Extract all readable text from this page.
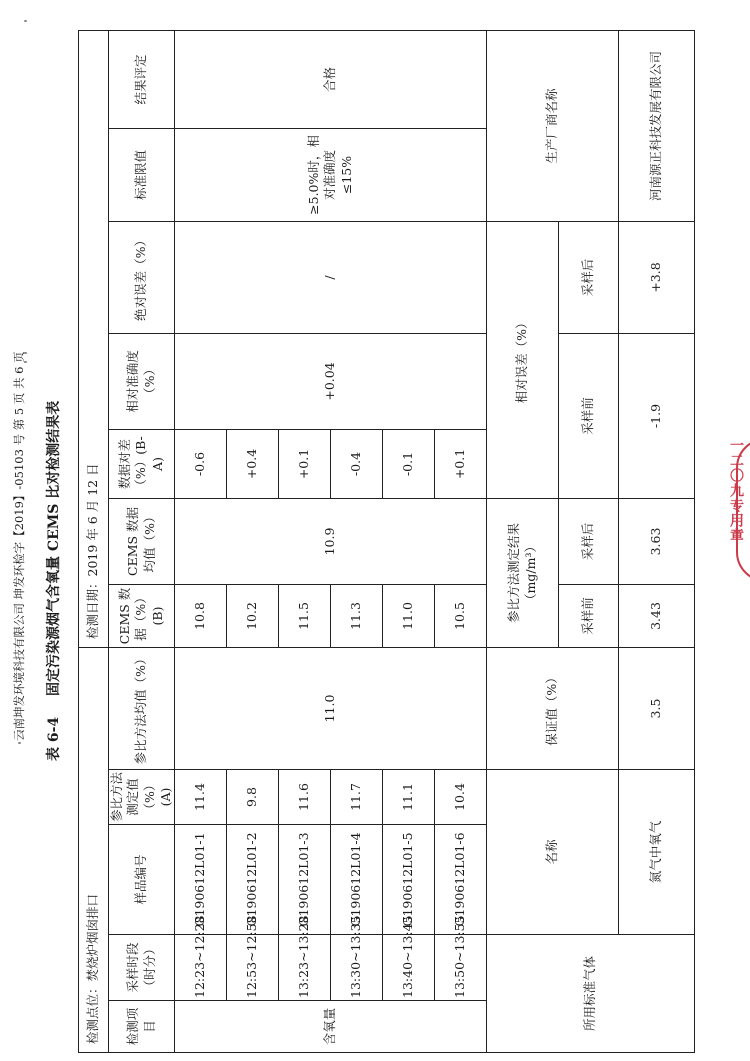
一二〇九专用章
云南坤发环境科技有限公司 坤发环检字【2019】-05103 号 第 5 页 共 6 页 表 6-4 固定污染源烟气含氧量 CEMS 比对检测结果表
检测点位：焚烧炉烟囱排口					检测日期：2019 年 6 月 12 日						
检测项目	采样时段（时分）	样品编号	参比方法测定值（%）(A)	参比方法均值（%）	CEMS 数据（%）(B)	CEMS 数据均值（%）	数据对差（%）(B-A)	相对准确度（%）	绝对误差（%）	标准限值	结果评定
含氧量	12:23~12:28	G190612L01-1	11.4	11.0	10.8	10.9	-0.6	+0.04	/	≥5.0%时，相对准确度≤15%	合格
	12:53~12:58	G190612L01-2	9.8		10.2		+0.4				
	13:23~13:28	G190612L01-3	11.6		11.5		+0.1				
	13:30~13:35	G190612L01-4	11.7		11.3		-0.4				
	13:40~13:45	G190612L01-5	11.1		11.0		-0.1				
	13:50~13:55	G190612L01-6	10.4		10.5		+0.1				
所用标准气体		名称		保证值（%）	参比方法测定结果（mg/m³）		相对误差（%）			生产厂商名称	
					采样前	采样后	采样前		采样后		
		氮气中氧气		3.5	3.43	3.63	-1.9		+3.8	河南源正科技发展有限公司	
